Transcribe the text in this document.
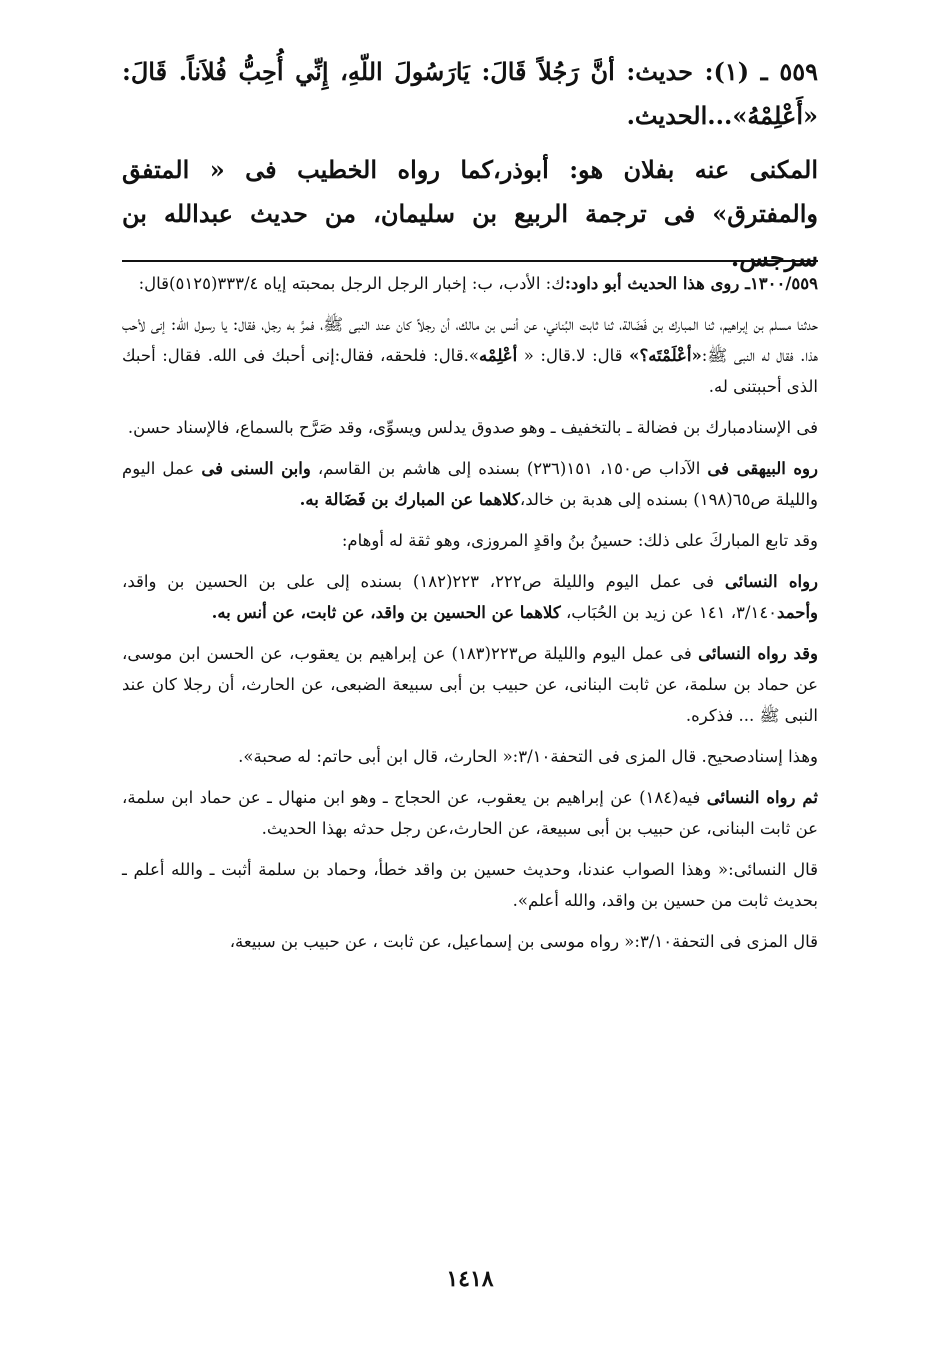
٥٥٩ ـ (١): حديث: أنَّ رَجُلاً قَالَ: يَارَسُولَ اللّهِ، إِنِّي أُحِبُّ فُلاَناً. قَالَ: «أَعْلِمْهُ»...الحديث.

المكنى عنه بفلان هو: أبوذر،كما رواه الخطيب فى « المتفق والمفترق» فى ترجمة الربيع بن سليمان، من حديث عبدالله بن سرجس.

١٣٠٠/٥٥٩ـ روى هذا الحديث أبو داود:ك: الأدب، ب: إخبار الرجل الرجل بمحبته إياه ٣٣٣/٤(٥١٢٥)قال:

حدثنا مسلم بن إبراهيم، ثنا المبارك بن فَضَالة، ثنا ثابت البُناني، عن أنس بن مالك، أن رجلاً كان عند النبى ﷺ، فمرَّ به رجل، فقال: يا رسول الله: إنى لأحب هذا. فقال له النبى ﷺ:«أعْلَمْتَه؟» قال: لا.قال: « أعْلِمْه».قال: فلحقه، فقال:إنى أحبك فى الله. فقال: أحبك الذى أحببتنى له.

فى الإسنادمبارك بن فضالة ـ بالتخفيف ـ وهو صدوق يدلس ويسوِّى، وقد صَرَّح بالسماع، فالإسناد حسن.

روه البيهقى فى الآداب ص١٥٠، ١٥١(٢٣٦) بسنده إلى هاشم بن القاسم، وابن السنى فى عمل اليوم والليلة ص٦٥(١٩٨) بسنده إلى هدبة بن خالد،كلاهما عن المبارك بن فَضَالة به.

وقد تابع المباركَ على ذلك: حسينُ بنُ واقدٍ المروزى، وهو ثقة له أوهام:

رواه النسائى فى عمل اليوم والليلة ص٢٢٢، ٢٢٣(١٨٢) بسنده إلى على بن الحسين بن واقد، وأحمد٣/١٤٠، ١٤١ عن زيد بن الحُبَاب، كلاهما عن الحسين بن واقد، عن ثابت، عن أنس به.

وقد رواه النسائى فى عمل اليوم والليلة ص٢٢٣(١٨٣) عن إبراهيم بن يعقوب، عن الحسن ابن موسى، عن حماد بن سلمة، عن ثابت البنانى، عن حبيب بن أبى سبيعة الضبعى، عن الحارث، أن رجلا كان عند النبى ﷺ ... فذكره.

وهذا إسنادصحيح. قال المزى فى التحفة٣/١٠:« الحارث، قال ابن أبى حاتم: له صحبة».

ثم رواه النسائى فيه(١٨٤) عن إبراهيم بن يعقوب، عن الحجاج ـ وهو ابن منهال ـ عن حماد ابن سلمة، عن ثابت البنانى، عن حبيب بن أبى سبيعة، عن الحارث،عن رجل حدثه بهذا الحديث.

قال النسائى:« وهذا الصواب عندنا، وحديث حسين بن واقد خطأ، وحماد بن سلمة أثبت ـ والله أعلم ـ بحديث ثابت من حسين بن واقد، والله أعلم».

قال المزى فى التحفة٣/١٠:« رواه موسى بن إسماعيل، عن ثابت ، عن حبيب بن سبيعة،

١٤١٨
